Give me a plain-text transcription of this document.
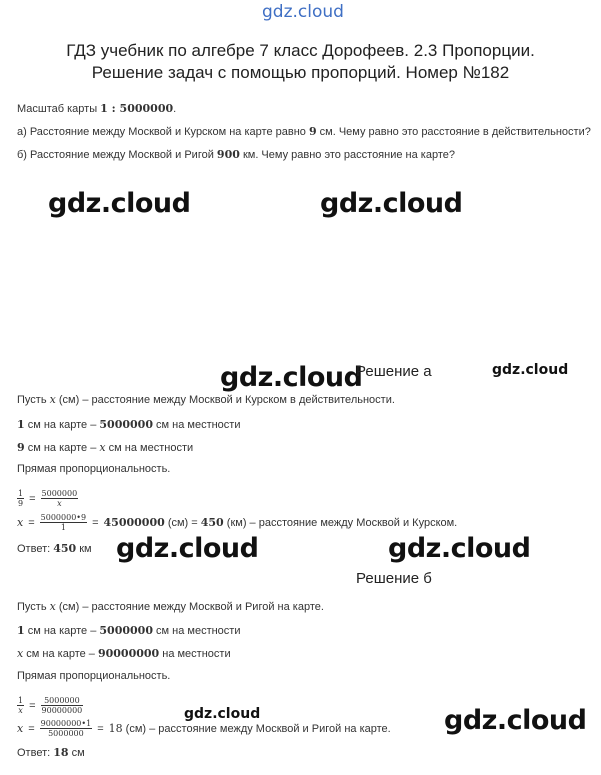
gdz.cloud
ГДЗ учебник по алгебре 7 класс Дорофеев. 2.3 Пропорции.
Решение задач с помощью пропорций. Номер №182
Масштаб карты 1 : 5000000.
а) Расстояние между Москвой и Курском на карте равно 9 см. Чему равно это расстояние в действительности?
б) Расстояние между Москвой и Ригой 900 км. Чему равно это расстояние на карте?
gdz.cloud	gdz.cloud
gdz.cloud	gdz.cloud
gdz.cloud	gdz.cloud
gdz.cloud	gdz.cloud
Решение а
Пусть x (см) – расстояние между Москвой и Курском в действительности.
1 см на карте – 5000000 см на местности
9 см на карте – x см на местности
Прямая пропорциональность.
$\frac{1}{9} = \frac{5000000}{x}$
$x = \frac{5000000•9}{1} = 45000000$ (см) = 450 (км) – расстояние между Москвой и Курском.
Ответ: 450 км
Решение б
Пусть x (см) – расстояние между Москвой и Ригой на карте.
1 см на карте – 5000000 см на местности
x см на карте – 90000000 на местности
Прямая пропорциональность.
$\frac{1}{x} = \frac{5000000}{90000000}$
$x = \frac{90000000•1}{5000000} = 18$ (см) – расстояние между Москвой и Ригой на карте.
Ответ: 18 см
